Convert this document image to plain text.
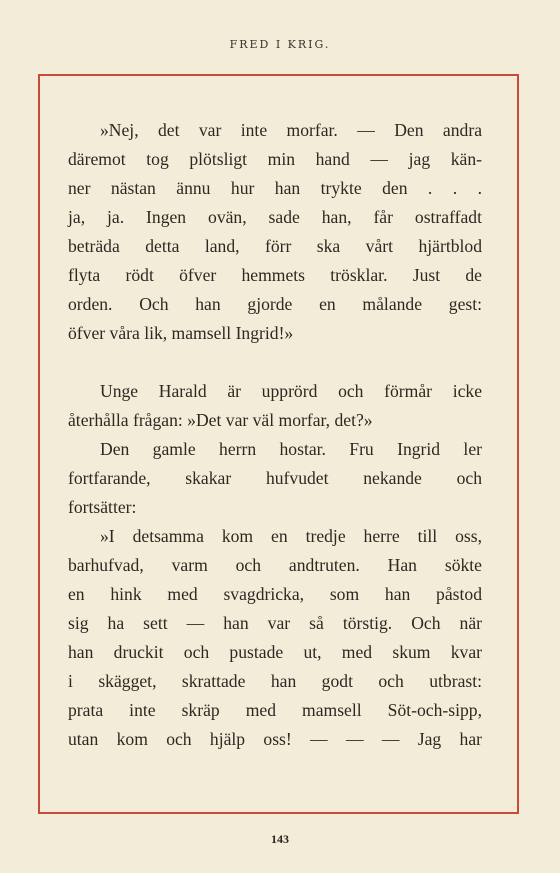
FRED I KRIG.
»Nej, det var inte morfar. — Den andra
däremot tog plötsligt min hand — jag kän-
ner nästan ännu hur han trykte den . . .
ja, ja. Ingen ovän, sade han, får ostraffadt
beträda detta land, förr ska vårt hjärtblod
flyta rödt öfver hemmets trösklar. Just de
orden. Och han gjorde en målande gest:
öfver våra lik, mamsell Ingrid!»
Unge Harald är upprörd och förmår icke
återhålla frågan: »Det var väl morfar, det?»
Den gamle herrn hostar. Fru Ingrid ler
fortfarande, skakar hufvudet nekande och
fortsätter:
»I detsamma kom en tredje herre till oss,
barhufvad, varm och andtruten. Han sökte
en hink med svagdricka, som han påstod
sig ha sett — han var så törstig. Och när
han druckit och pustade ut, med skum kvar
i skägget, skrattade han godt och utbrast:
prata inte skräp med mamsell Söt-och-sipp,
utan kom och hjälp oss! — — — Jag har
143
